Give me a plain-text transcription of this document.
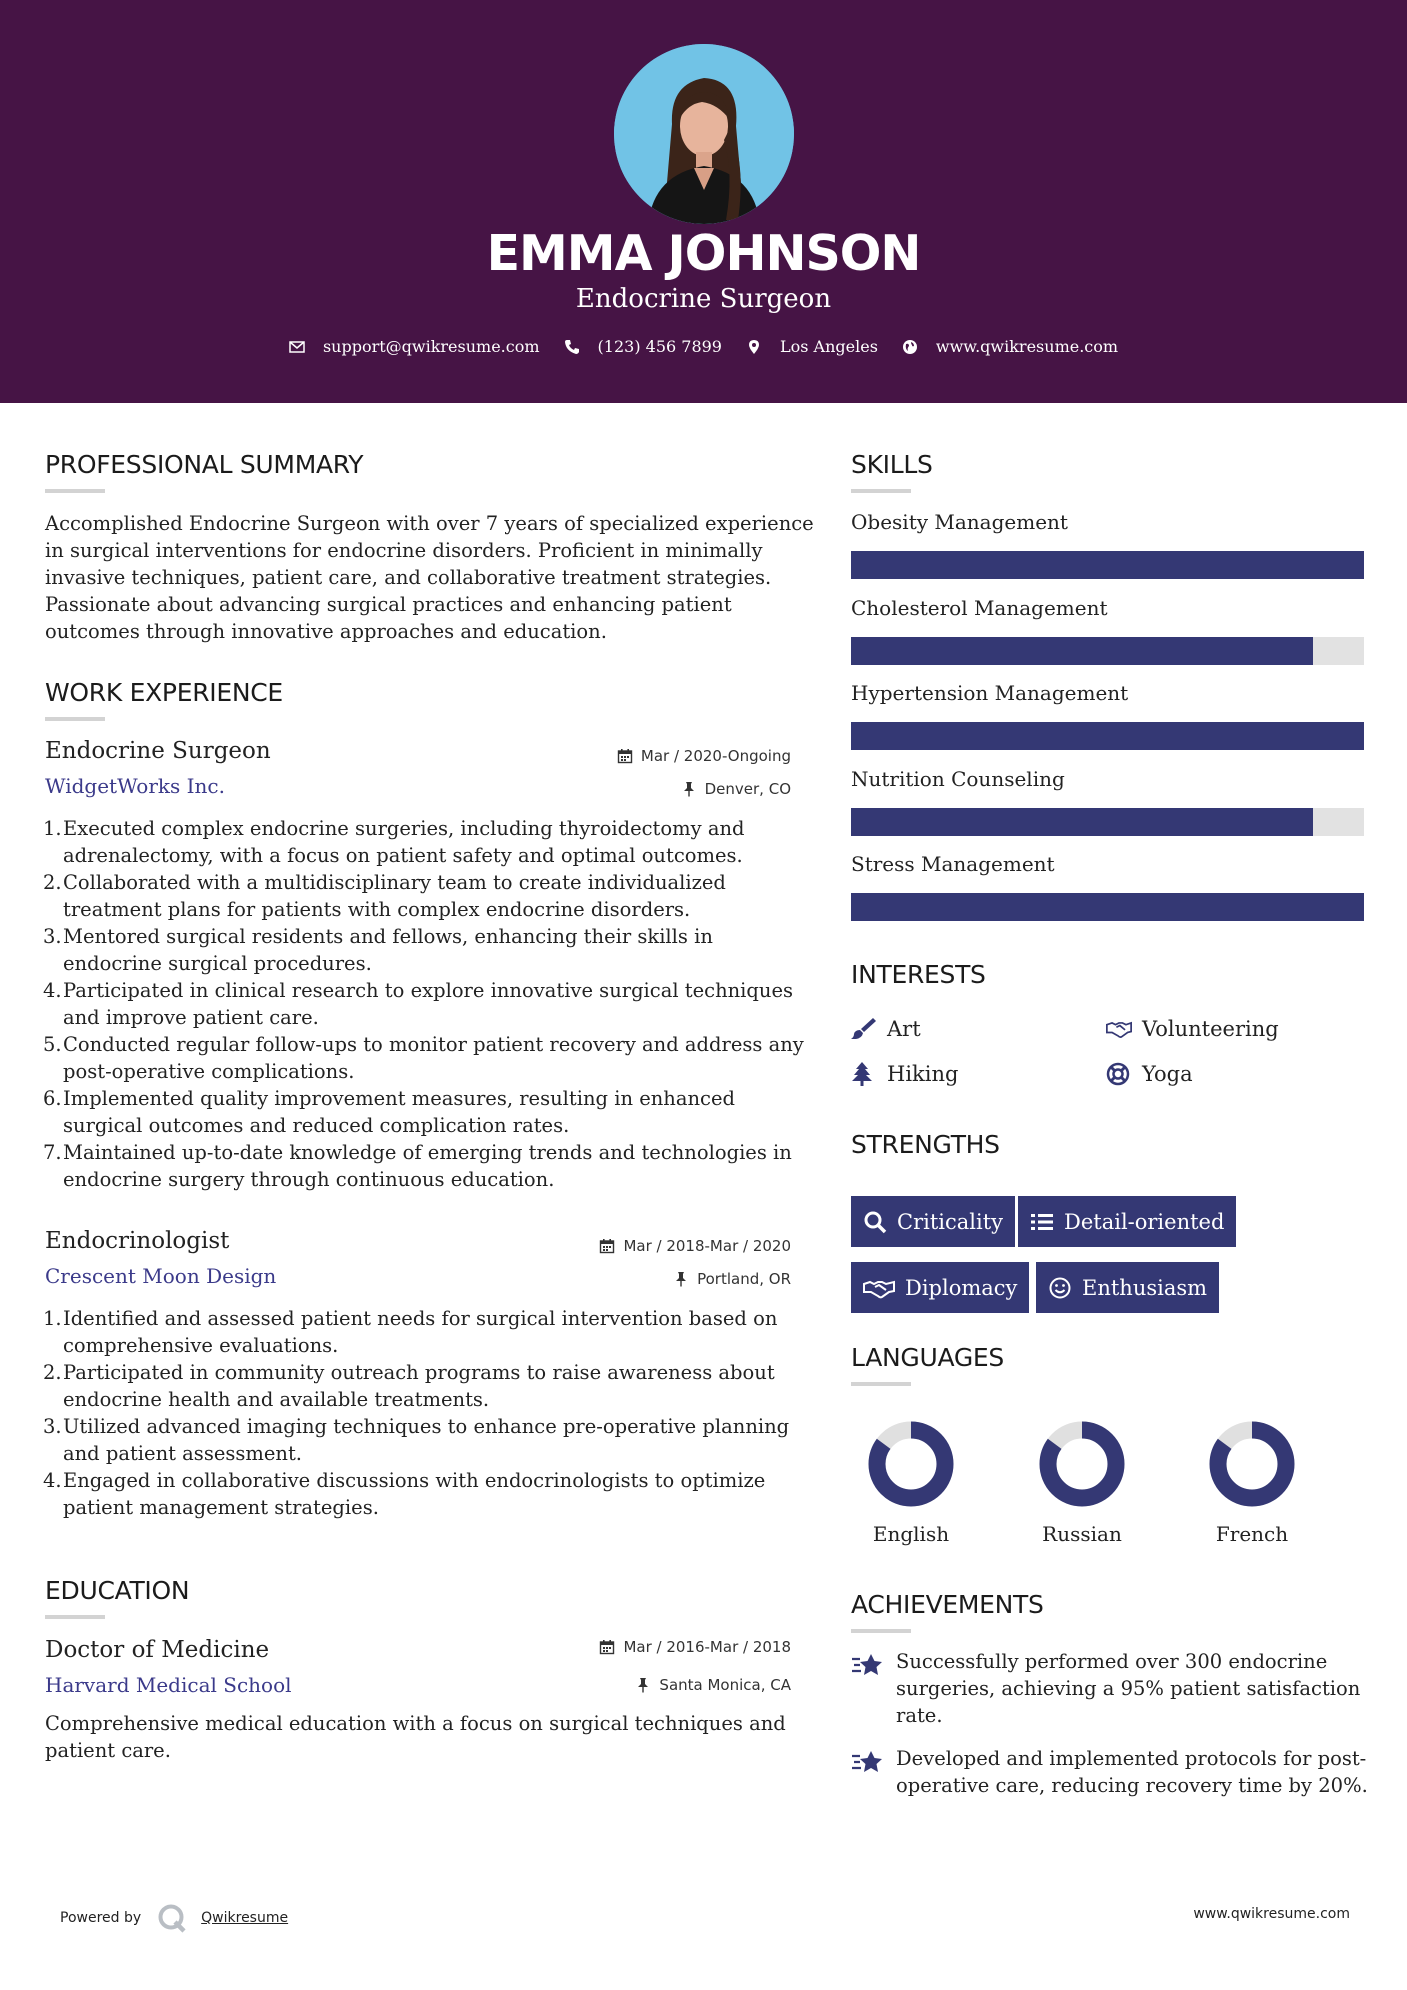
EMMA JOHNSON
Endocrine Surgeon
support@qwikresume.com	(123) 456 7899	Los Angeles	www.qwikresume.com
PROFESSIONAL SUMMARY
Accomplished Endocrine Surgeon with over 7 years of specialized experience
in surgical interventions for endocrine disorders. Proficient in minimally
invasive techniques, patient care, and collaborative treatment strategies.
Passionate about advancing surgical practices and enhancing patient
outcomes through innovative approaches and education.
WORK EXPERIENCE
Endocrine Surgeon
WidgetWorks Inc.
Mar / 2020-Ongoing
Denver, CO
1. Executed complex endocrine surgeries, including thyroidectomy and
adrenalectomy, with a focus on patient safety and optimal outcomes.
2. Collaborated with a multidisciplinary team to create individualized
treatment plans for patients with complex endocrine disorders.
3. Mentored surgical residents and fellows, enhancing their skills in
endocrine surgical procedures.
4. Participated in clinical research to explore innovative surgical techniques
and improve patient care.
5. Conducted regular follow-ups to monitor patient recovery and address any
post-operative complications.
6. Implemented quality improvement measures, resulting in enhanced
surgical outcomes and reduced complication rates.
7. Maintained up-to-date knowledge of emerging trends and technologies in
endocrine surgery through continuous education.
Endocrinologist
Crescent Moon Design
Mar / 2018-Mar / 2020
Portland, OR
1. Identified and assessed patient needs for surgical intervention based on
comprehensive evaluations.
2. Participated in community outreach programs to raise awareness about
endocrine health and available treatments.
3. Utilized advanced imaging techniques to enhance pre-operative planning
and patient assessment.
4. Engaged in collaborative discussions with endocrinologists to optimize
patient management strategies.
EDUCATION
Doctor of Medicine
Harvard Medical School
Mar / 2016-Mar / 2018
Santa Monica, CA
Comprehensive medical education with a focus on surgical techniques and
patient care.
SKILLS
Obesity Management
Cholesterol Management
Hypertension Management
Nutrition Counseling
Stress Management
INTERESTS
Art	Volunteering
Hiking	Yoga
STRENGTHS
Criticality	Detail-oriented
Diplomacy	Enthusiasm
LANGUAGES
English	Russian	French
ACHIEVEMENTS
Successfully performed over 300 endocrine
surgeries, achieving a 95% patient satisfaction
rate.
Developed and implemented protocols for post-
operative care, reducing recovery time by 20%.
Powered by	Qwikresume	www.qwikresume.com
